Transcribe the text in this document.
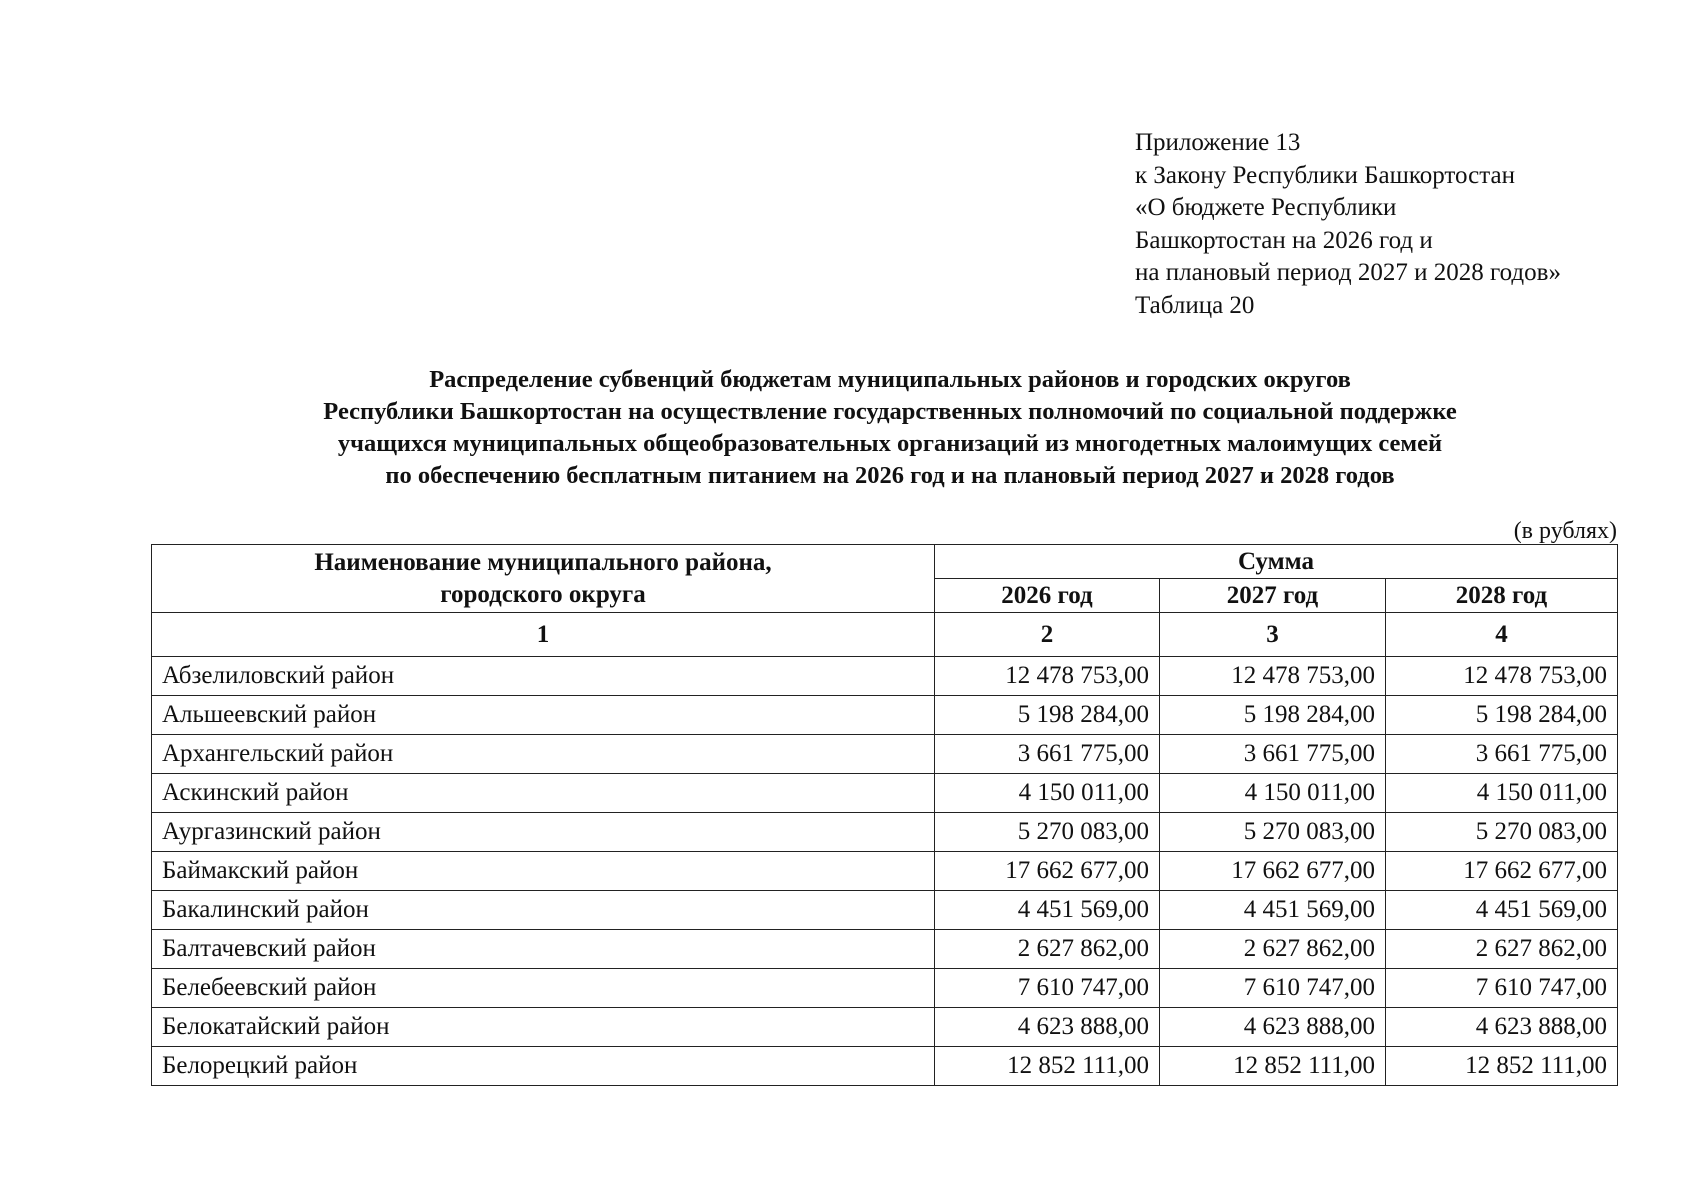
Приложение 13
к Закону Республики Башкортостан
«О бюджете Республики
Башкортостан на 2026 год и
на плановый период 2027 и 2028 годов»
Таблица 20
Распределение субвенций бюджетам муниципальных районов и городских округов
Республики Башкортостан на осуществление государственных полномочий по социальной поддержке
учащихся муниципальных общеобразовательных организаций из многодетных малоимущих семей
по обеспечению бесплатным питанием на 2026 год и на плановый период 2027 и 2028 годов
(в рублях)
Наименование муниципального района,
городского округа	Сумма		
	2026 год	2027 год	2028 год
1	2	3	4
Абзелиловский район	12 478 753,00	12 478 753,00	12 478 753,00
Альшеевский район	5 198 284,00	5 198 284,00	5 198 284,00
Архангельский район	3 661 775,00	3 661 775,00	3 661 775,00
Аскинский район	4 150 011,00	4 150 011,00	4 150 011,00
Аургазинский район	5 270 083,00	5 270 083,00	5 270 083,00
Баймакский район	17 662 677,00	17 662 677,00	17 662 677,00
Бакалинский район	4 451 569,00	4 451 569,00	4 451 569,00
Балтачевский район	2 627 862,00	2 627 862,00	2 627 862,00
Белебеевский район	7 610 747,00	7 610 747,00	7 610 747,00
Белокатайский район	4 623 888,00	4 623 888,00	4 623 888,00
Белорецкий район	12 852 111,00	12 852 111,00	12 852 111,00
